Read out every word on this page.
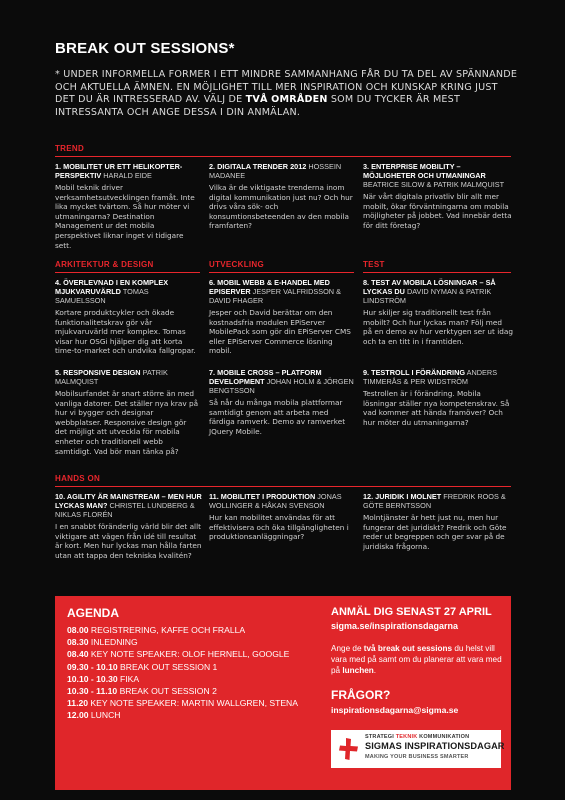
BREAK OUT SESSIONS*
* UNDER INFORMELLA FORMER I ETT MINDRE SAMMANHANG FÅR DU TA DEL AV SPÄNNANDE OCH AKTUELLA ÄMNEN. EN MÖJLIGHET TILL MER INSPIRATION OCH KUNSKAP KRING JUST DET DU ÄR INTRESSERAD AV. VÄLJ DE TVÅ OMRÅDEN SOM DU TYCKER ÄR MEST INTRESSANTA OCH ANGE DESSA I DIN ANMÄLAN.
TREND
1. MOBILITET UR ETT HELIKOPTER-PERSPEKTIV HARALD EIDE
Mobil teknik driver verksamhetsutvecklingen framåt. Inte lika mycket tvärtom. Så hur möter vi utmaningarna? Destination Management ur det mobila perspektivet liknar inget vi tidigare sett.
2. DIGITALA TRENDER 2012 HOSSEIN MADANEE
Vilka är de viktigaste trenderna inom digital kommunikation just nu? Och hur drivs våra sök- och konsumtionsbeteenden av den mobila framfarten?
3. ENTERPRISE MOBILITY – MÖJLIGHETER OCH UTMANINGAR BEATRICE SILOW & PATRIK MALMQUIST
När vårt digitala privatliv blir allt mer mobilt, ökar förväntningarna om mobila möjligheter på jobbet. Vad innebär detta för ditt företag?
ARKITEKTUR & DESIGN	UTVECKLING	TEST
4. ÖVERLEVNAD I EN KOMPLEX MJUKVARUVÄRLD TOMAS SAMUELSSON
Kortare produktcykler och ökade funktionalitetskrav gör vår mjukvaruvärld mer komplex. Tomas visar hur OSGi hjälper dig att korta time-to-market och undvika fallgropar.
6. MOBIL WEBB & E-HANDEL MED EPISERVER JESPER VALFRIDSSON & DAVID FHAGER
Jesper och David berättar om den kostnadsfria modulen EPiServer MobilePack som gör din EPiServer CMS eller EPiServer Commerce lösning mobil.
8. TEST AV MOBILA LÖSNINGAR – SÅ LYCKAS DU DAVID NYMAN & PATRIK LINDSTRÖM
Hur skiljer sig traditionellt test från mobilt? Och hur lyckas man? Följ med på en demo av hur verktygen ser ut idag och ta en titt in i framtiden.
5. RESPONSIVE DESIGN PATRIK MALMQUIST
Mobilsurfandet är snart större än med vanliga datorer. Det ställer nya krav på hur vi bygger och designar webbplatser. Responsive design gör det möjligt att utveckla för mobila enheter och traditionell webb samtidigt. Vad bör man tänka på?
7. MOBILE CROSS – PLATFORM DEVELOPMENT JOHAN HOLM & JÖRGEN BENGTSSON
Så når du många mobila plattformar samtidigt genom att arbeta med färdiga ramverk. Demo av ramverket JQuery Mobile.
9. TESTROLL I FÖRÄNDRING ANDERS TIMMERÅS & PER WIDSTRÖM
Testrollen är i förändring. Mobila lösningar ställer nya kompetenskrav. Så vad kommer att hända framöver? Och hur möter du utmaningarna?
HANDS ON
10. AGILITY ÄR MAINSTREAM – MEN HUR LYCKAS MAN? CHRISTEL LUNDBERG & NIKLAS FLORÉN
I en snabbt föränderlig värld blir det allt viktigare att vägen från idé till resultat är kort. Men hur lyckas man hålla farten utan att tappa den tekniska kvalitén?
11. MOBILITET I PRODUKTION JONAS WOLLINGER & HÅKAN SVENSON
Hur kan mobilitet användas för att effektivisera och öka tillgängligheten i produktionsanläggningar?
12. JURIDIK I MOLNET FREDRIK ROOS & GÖTE BERNTSSON
Molntjänster är hett just nu, men hur fungerar det juridiskt? Fredrik och Göte reder ut begreppen och ger svar på de juridiska frågorna.
AGENDA
08.00 REGISTRERING, KAFFE OCH FRALLA
08.30 INLEDNING
08.40 KEY NOTE SPEAKER: OLOF HERNELL, GOOGLE
09.30 - 10.10 BREAK OUT SESSION 1
10.10 - 10.30 FIKA
10.30 - 11.10 BREAK OUT SESSION 2
11.20 KEY NOTE SPEAKER: MARTIN WALLGREN, STENA
12.00 LUNCH
ANMÄL DIG SENAST 27 APRIL
sigma.se/inspirationsdagarna
Ange de två break out sessions du helst vill vara med på samt om du planerar att vara med på lunchen.
FRÅGOR?
inspirationsdagarna@sigma.se
STRATEGI TEKNIK KOMMUNIKATION
SIGMAS INSPIRATIONSDAGAR
MAKING YOUR BUSINESS SMARTER
